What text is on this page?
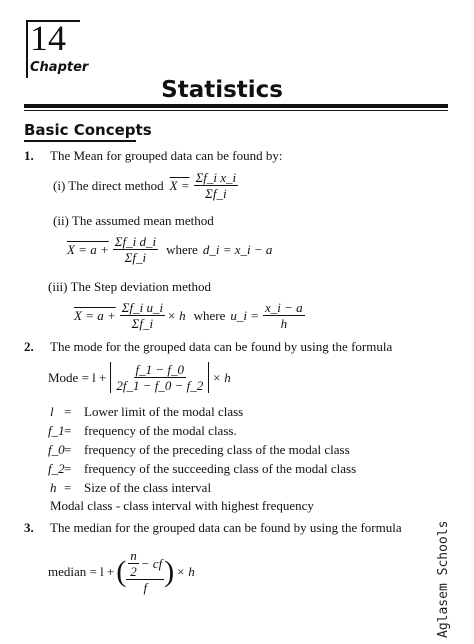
14
Chapter
Statistics
Basic Concepts
1. The Mean for grouped data can be found by:
(i) The direct method $X = \frac{\text{Σf\_i x\_i}}{\Sigma f\_i}$
(ii) The assumed mean method
$X = a + \frac{\text{Σf\_i d\_i}}{\Sigma f\_i}$ where d_i = x_i − a
(iii) The Step deviation method
$X = a + \frac{\text{Σf\_i u\_i}}{\Sigma f\_i} \times h$ where u_i = $\frac{x\_i - a}{h}$
2. The mode for the grouped data can be found by using the formula
Mode = $l + \frac{f\_1 - f\_0}{2f\_1 - f\_0 - f\_2} \times h$
l = Lower limit of the modal class
f_1 = frequency of the modal class.
f_0 = frequency of the preceding class of the modal class
f_2 = frequency of the succeeding class of the modal class
h = Size of the class interval
Modal class - class interval with highest frequency
3. The median for the grouped data can be found by using the formula
median = l + ( $\frac{\frac{n}{2} - cf}{f}$ ) × h	Aglasem Schools
